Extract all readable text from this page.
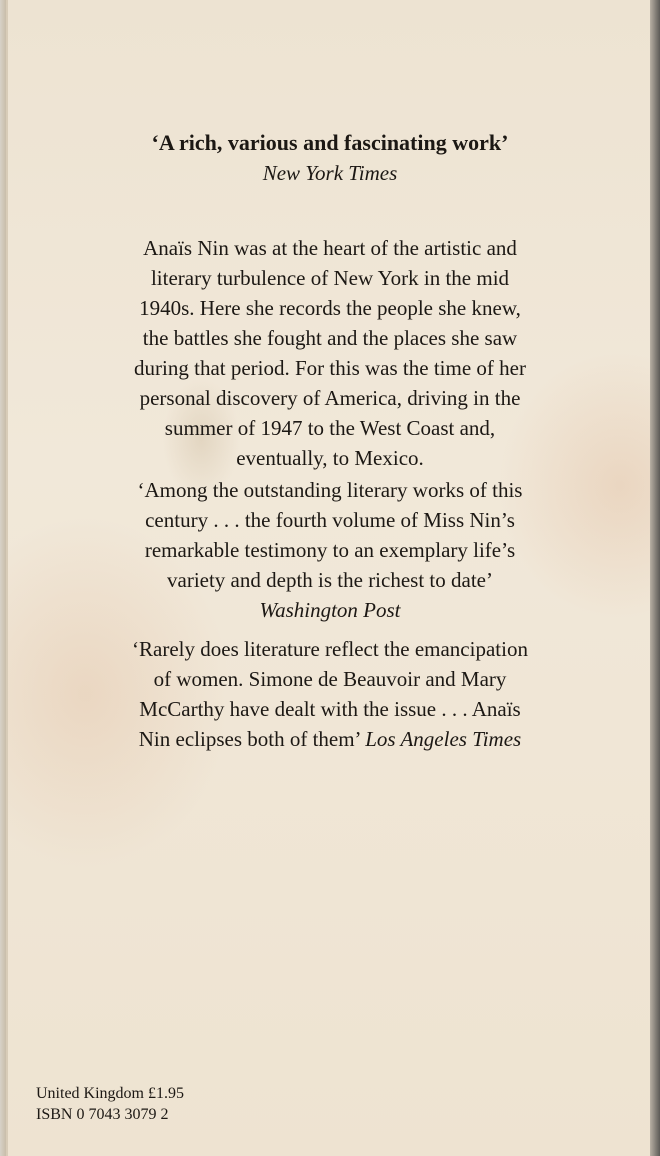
‘A rich, various and fascinating work’
New York Times
Anaïs Nin was at the heart of the artistic and
literary turbulence of New York in the mid
1940s. Here she records the people she knew,
the battles she fought and the places she saw
during that period. For this was the time of her
personal discovery of America, driving in the
summer of 1947 to the West Coast and,
eventually, to Mexico.
‘Among the outstanding literary works of this
century . . . the fourth volume of Miss Nin’s
remarkable testimony to an exemplary life’s
variety and depth is the richest to date’
Washington Post
‘Rarely does literature reflect the emancipation
of women. Simone de Beauvoir and Mary
McCarthy have dealt with the issue . . . Anaïs
Nin eclipses both of them’ Los Angeles Times
United Kingdom £1.95
ISBN 0 7043 3079 2
